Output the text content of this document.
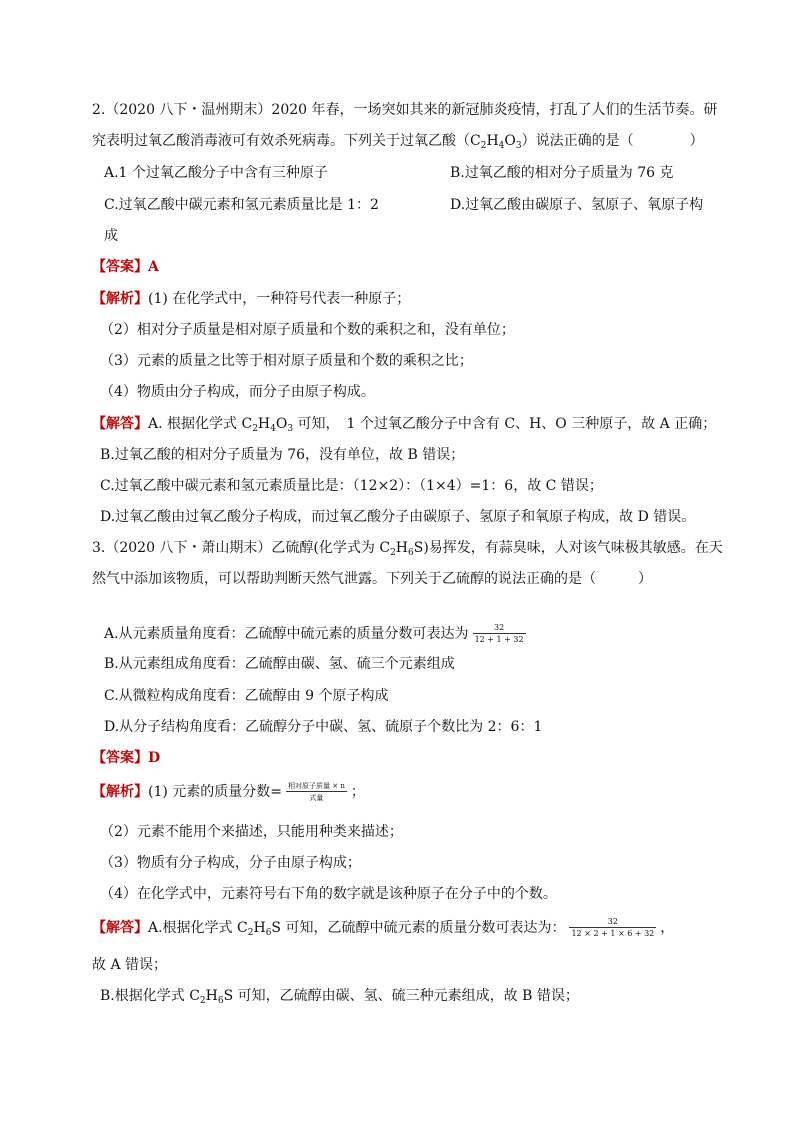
2.（2020 八下・温州期末）2020 年春，一场突如其来的新冠肺炎疫情，打乱了人们的生活节奏。研
究表明过氧乙酸消毒液可有效杀死病毒。下列关于过氧乙酸$(C_2H_4O_3)$说法正确的是（　　　　）
A.1 个过氧乙酸分子中含有三种原子	B.过氧乙酸的相对分子质量为 76 克
C.过氧乙酸中碳元素和氢元素质量比是 1：2	D.过氧乙酸由碳原子、氢原子、氧原子构
成
【答案】A
【解析】(1) 在化学式中，一种符号代表一种原子；
（2）相对分子质量是相对原子质量和个数的乘积之和，没有单位；
（3）元素的质量之比等于相对原子质量和个数的乘积之比；
（4）物质由分子构成，而分子由原子构成。
【解答】A. 根据化学式 $C_2H_4O_3$ 可知，　1 个过氧乙酸分子中含有 C、H、O 三种原子，故 A 正确；
B.过氧乙酸的相对分子质量为 76，没有单位，故 B 错误；
C.过氧乙酸中碳元素和氢元素质量比是：（12×2）：（1×4）=1：6，故 C 错误；
D.过氧乙酸由过氧乙酸分子构成，而过氧乙酸分子由碳原子、氢原子和氧原子构成，故 D 错误。
3.（2020 八下・萧山期末）乙硫醇(化学式为 $C_2H_6S$)易挥发，有蒜臭味，人对该气味极其敏感。在天
然气中添加该物质，可以帮助判断天然气泄露。下列关于乙硫醇的说法正确的是（　　　）
A.从元素质量角度看：乙硫醇中硫元素的质量分数可表达为 $\frac{32}{12 + 1 + 32}$
B.从元素组成角度看：乙硫醇由碳、氢、硫三个元素组成
C.从微粒构成角度看：乙硫醇由 9 个原子构成
D.从分子结构角度看：乙硫醇分子中碳、氢、硫原子个数比为 2：6：1
【答案】D
【解析】(1) 元素的质量分数= $\frac{\text{相对原子质量 × n}}{\text{式量}}$ ；
（2）元素不能用个来描述，只能用种类来描述；
（3）物质有分子构成，分子由原子构成；
（4）在化学式中，元素符号右下角的数字就是该种原子在分子中的个数。
【解答】A.根据化学式 $C_2H_6S$ 可知，乙硫醇中硫元素的质量分数可表达为： $\frac{32}{12 \times 2 + 1 \times 6 + 32}$ ，
故 A 错误；
B.根据化学式 $C_2H_6S$ 可知，乙硫醇由碳、氢、硫三种元素组成，故 B 错误；
